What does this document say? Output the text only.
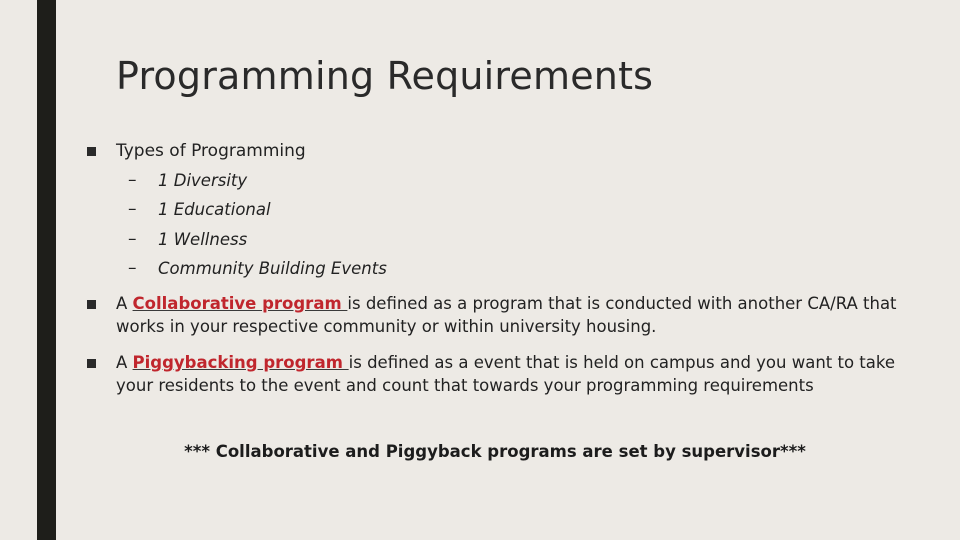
Programming Requirements
Types of Programming
– 1 Diversity
– 1 Educational
– 1 Wellness
– Community Building Events
A Collaborative program is defined as a program that is conducted with another CA/RA that works in your respective community or within university housing.
A Piggybacking program is defined as a event that is held on campus and you want to take your residents to the event and count that towards your programming requirements
*** Collaborative and Piggyback programs are set by supervisor***
